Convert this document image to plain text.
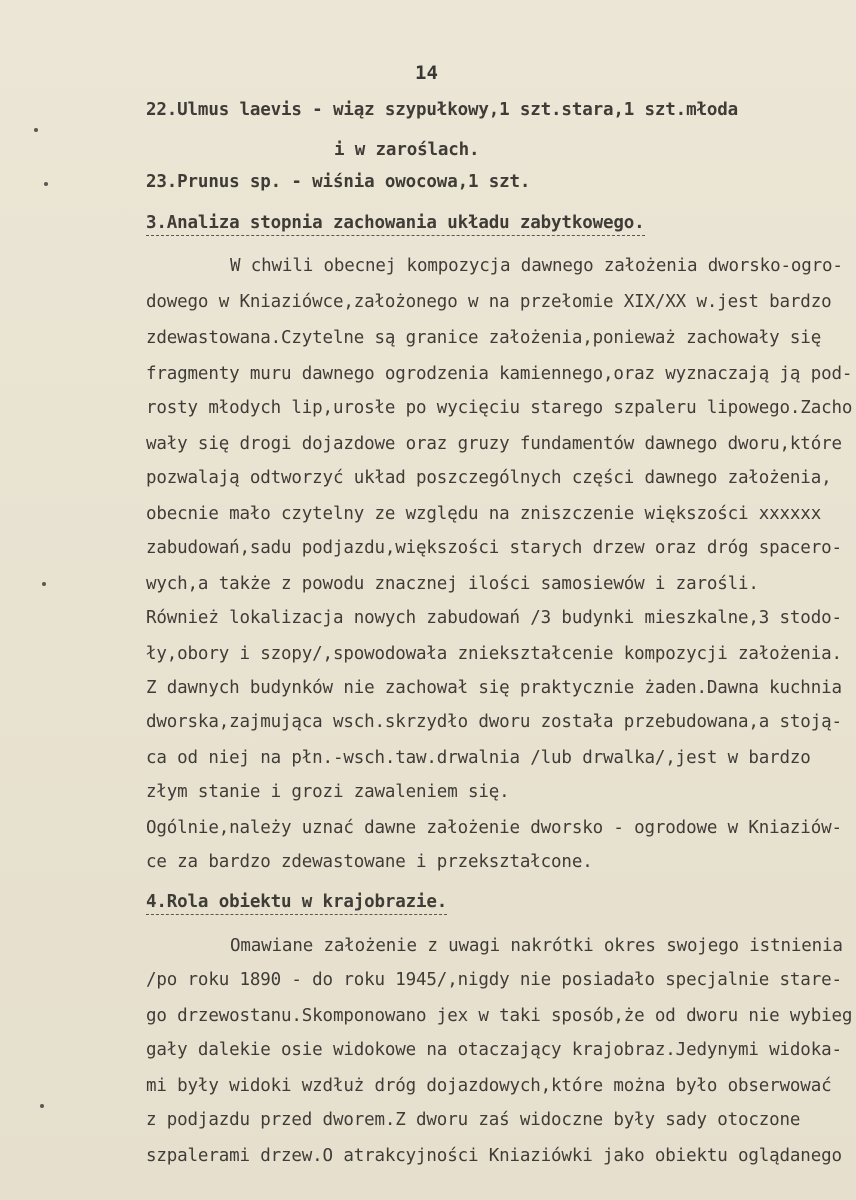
14
22.Ulmus laevis - wiąz szypułkowy,1 szt.stara,1 szt.młoda
i w zaroślach.
23.Prunus sp. - wiśnia owocowa,1 szt.
3.Analiza stopnia zachowania układu zabytkowego.
W chwili obecnej kompozycja dawnego założenia dworsko-ogro-
dowego w Kniaziówce,założonego w na przełomie XIX/XX w.jest bardzo
zdewastowana.Czytelne są granice założenia,ponieważ zachowały się
fragmenty muru dawnego ogrodzenia kamiennego,oraz wyznaczają ją pod-
rosty młodych lip,urosłe po wycięciu starego szpaleru lipowego.Zacho
wały się drogi dojazdowe oraz gruzy fundamentów dawnego dworu,które
pozwalają odtworzyć układ poszczególnych części dawnego założenia,
obecnie mało czytelny ze względu na zniszczenie większości xxxxxx
zabudowań,sadu podjazdu,większości starych drzew oraz dróg spacero-
wych,a także z powodu znacznej ilości samosiewów i zarośli.
Również lokalizacja nowych zabudowań /3 budynki mieszkalne,3 stodo-
ły,obory i szopy/,spowodowała zniekształcenie kompozycji założenia.
Z dawnych budynków nie zachował się praktycznie żaden.Dawna kuchnia
dworska,zajmująca wsch.skrzydło dworu została przebudowana,a stoją-
ca od niej na płn.-wsch.taw.drwalnia /lub drwalka/,jest w bardzo
złym stanie i grozi zawaleniem się.
Ogólnie,należy uznać dawne założenie dworsko - ogrodowe w Kniaziów-
ce za bardzo zdewastowane i przekształcone.
4.Rola obiektu w krajobrazie.
Omawiane założenie z uwagi nakrótki okres swojego istnienia
/po roku 1890 - do roku 1945/,nigdy nie posiadało specjalnie stare-
go drzewostanu.Skomponowano jex w taki sposób,że od dworu nie wybieg
gały dalekie osie widokowe na otaczający krajobraz.Jedynymi widoka-
mi były widoki wzdłuż dróg dojazdowych,które można było obserwować
z podjazdu przed dworem.Z dworu zaś widoczne były sady otoczone
szpalerami drzew.O atrakcyjności Kniaziówki jako obiektu oglądanego
